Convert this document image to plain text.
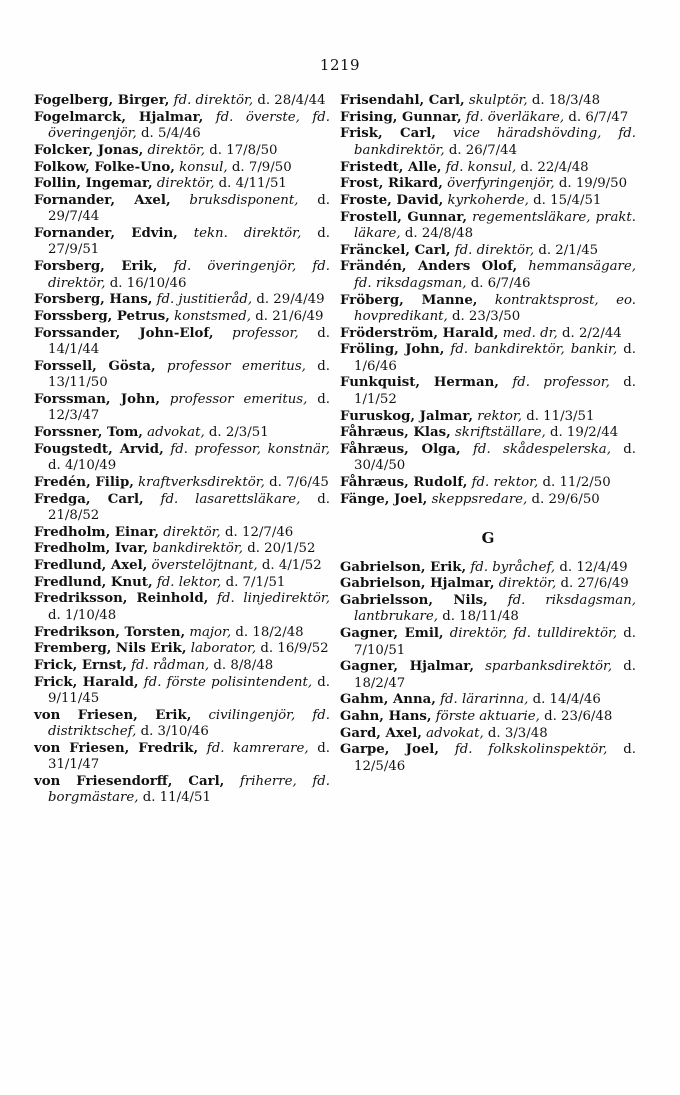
1219
Fogelberg, Birger, fd. direktör, d. 28/4/44
Fogelmarck, Hjalmar, fd. överste, fd. överingenjör, d. 5/4/46
Folcker, Jonas, direktör, d. 17/8/50
Folkow, Folke-Uno, konsul, d. 7/9/50
Follin, Ingemar, direktör, d. 4/11/51
Fornander, Axel, bruksdisponent, d. 29/7/44
Fornander, Edvin, tekn. direktör, d. 27/9/51
Forsberg, Erik, fd. överingenjör, fd. direktör, d. 16/10/46
Forsberg, Hans, fd. justitieråd, d. 29/4/49
Forssberg, Petrus, konstsmed, d. 21/6/49
Forssander, John-Elof, professor, d. 14/1/44
Forssell, Gösta, professor emeritus, d. 13/11/50
Forssman, John, professor emeritus, d. 12/3/47
Forssner, Tom, advokat, d. 2/3/51
Fougstedt, Arvid, fd. professor, konstnär, d. 4/10/49
Fredén, Filip, kraftverksdirektör, d. 7/6/45
Fredga, Carl, fd. lasarettsläkare, d. 21/8/52
Fredholm, Einar, direktör, d. 12/7/46
Fredholm, Ivar, bankdirektör, d. 20/1/52
Fredlund, Axel, överstelöjtnant, d. 4/1/52
Fredlund, Knut, fd. lektor, d. 7/1/51
Fredriksson, Reinhold, fd. linjedirektör, d. 1/10/48
Fredrikson, Torsten, major, d. 18/2/48
Fremberg, Nils Erik, laborator, d. 16/9/52
Frick, Ernst, fd. rådman, d. 8/8/48
Frick, Harald, fd. förste polisintendent, d. 9/11/45
von Friesen, Erik, civilingenjör, fd. distriktschef, d. 3/10/46
von Friesen, Fredrik, fd. kamrerare, d. 31/1/47
von Friesendorff, Carl, friherre, fd. borgmästare, d. 11/4/51
Frisendahl, Carl, skulptör, d. 18/3/48
Frising, Gunnar, fd. överläkare, d. 6/7/47
Frisk, Carl, vice häradshövding, fd. bankdirektör, d. 26/7/44
Fristedt, Alle, fd. konsul, d. 22/4/48
Frost, Rikard, överfyringenjör, d. 19/9/50
Froste, David, kyrkoherde, d. 15/4/51
Frostell, Gunnar, regementsläkare, prakt. läkare, d. 24/8/48
Fränckel, Carl, fd. direktör, d. 2/1/45
Frändén, Anders Olof, hemmansägare, fd. riksdagsman, d. 6/7/46
Fröberg, Manne, kontraktsprost, eo. hovpredikant, d. 23/3/50
Fröderström, Harald, med. dr, d. 2/2/44
Fröling, John, fd. bankdirektör, bankir, d. 1/6/46
Funkquist, Herman, fd. professor, d. 1/1/52
Furuskog, Jalmar, rektor, d. 11/3/51
Fåhræus, Klas, skriftställare, d. 19/2/44
Fåhræus, Olga, fd. skådespelerska, d. 30/4/50
Fåhræus, Rudolf, fd. rektor, d. 11/2/50
Fänge, Joel, skeppsredare, d. 29/6/50
G
Gabrielson, Erik, fd. byråchef, d. 12/4/49
Gabrielson, Hjalmar, direktör, d. 27/6/49
Gabrielsson, Nils, fd. riksdagsman, lantbrukare, d. 18/11/48
Gagner, Emil, direktör, fd. tulldirektör, d. 7/10/51
Gagner, Hjalmar, sparbanksdirektör, d. 18/2/47
Gahm, Anna, fd. lärarinna, d. 14/4/46
Gahn, Hans, förste aktuarie, d. 23/6/48
Gard, Axel, advokat, d. 3/3/48
Garpe, Joel, fd. folkskolinspektör, d. 12/5/46
